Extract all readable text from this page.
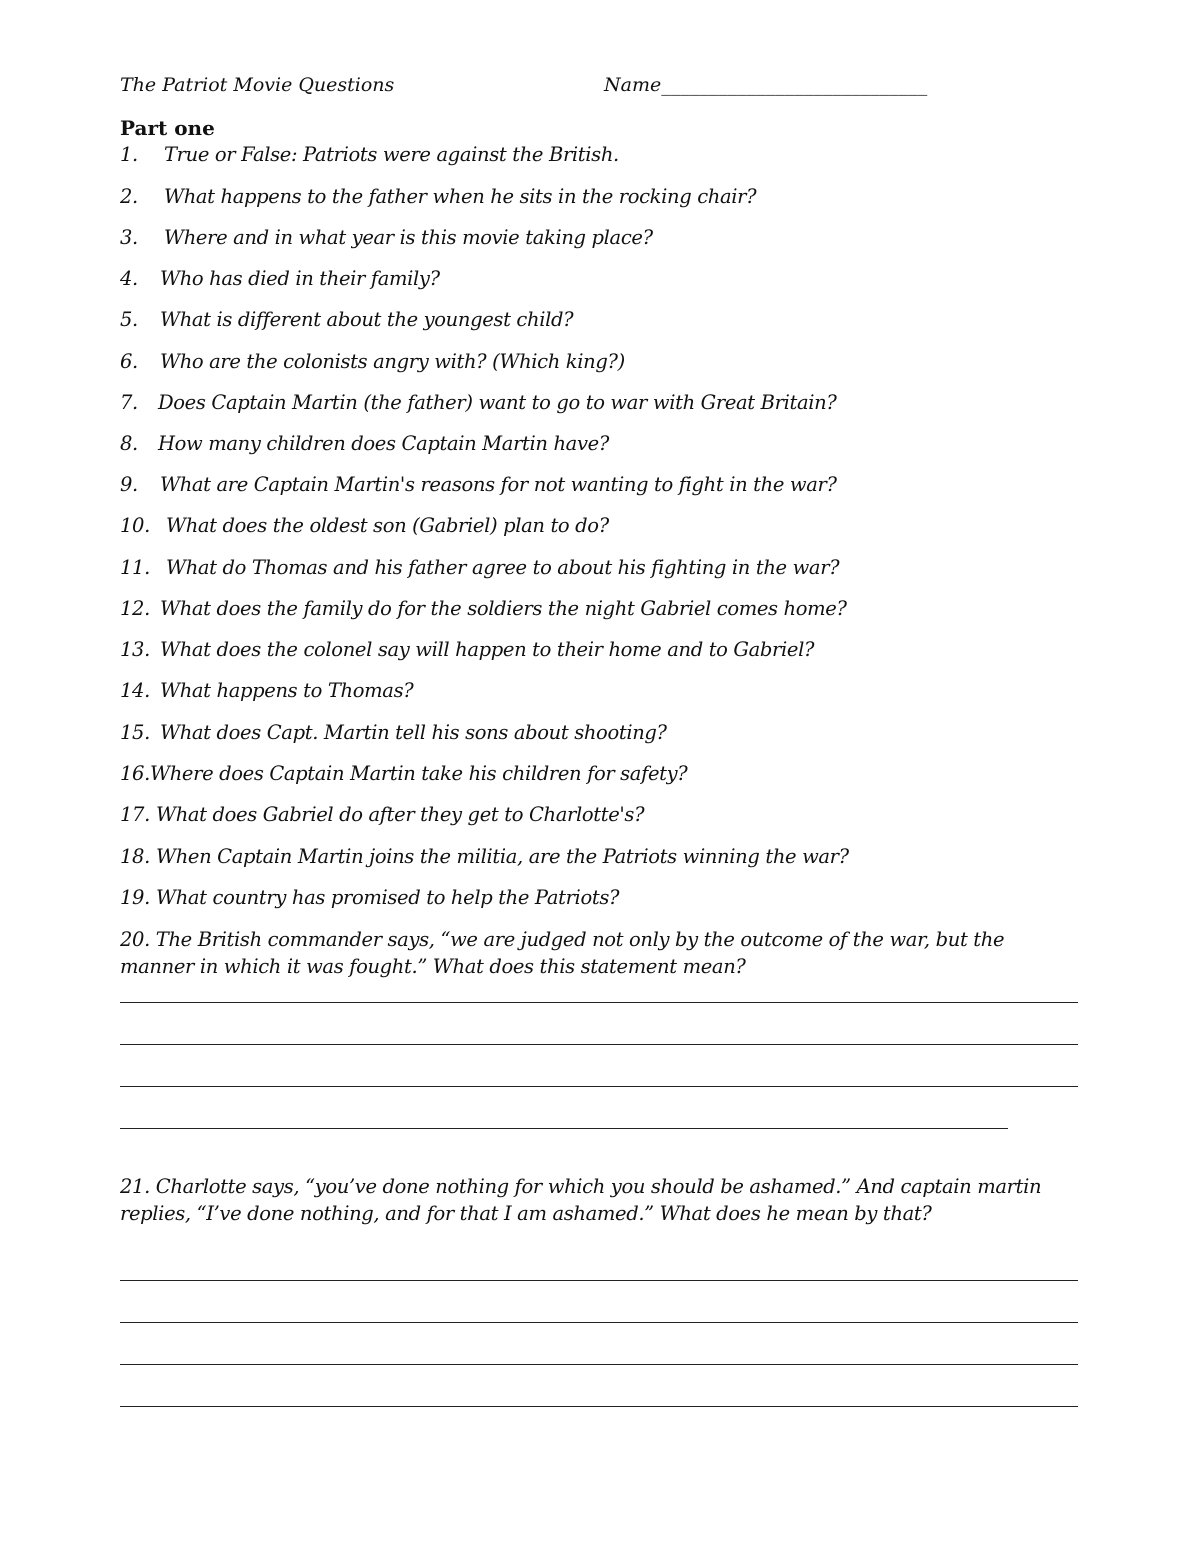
The Patriot Movie Questions	Name____________________________
Part one
1. True or False: Patriots were against the British.
2. What happens to the father when he sits in the rocking chair?
3. Where and in what year is this movie taking place?
4. Who has died in their family?
5. What is different about the youngest child?
6. Who are the colonists angry with? (Which king?)
7. Does Captain Martin (the father) want to go to war with Great Britain?
8. How many children does Captain Martin have?
9. What are Captain Martin's reasons for not wanting to fight in the war?
10. What does the oldest son (Gabriel) plan to do?
11. What do Thomas and his father agree to about his fighting in the war?
12. What does the family do for the soldiers the night Gabriel comes home?
13. What does the colonel say will happen to their home and to Gabriel?
14. What happens to Thomas?
15. What does Capt. Martin tell his sons about shooting?
16.Where does Captain Martin take his children for safety?
17. What does Gabriel do after they get to Charlotte's?
18. When Captain Martin joins the militia, are the Patriots winning the war?
19. What country has promised to help the Patriots?
20. The British commander says, “we are judged not only by the outcome of the war, but the manner in which it was fought.” What does this statement mean?
21. Charlotte says, “you’ve done nothing for which you should be ashamed.” And captain martin replies, “I’ve done nothing, and for that I am ashamed.” What does he mean by that?
